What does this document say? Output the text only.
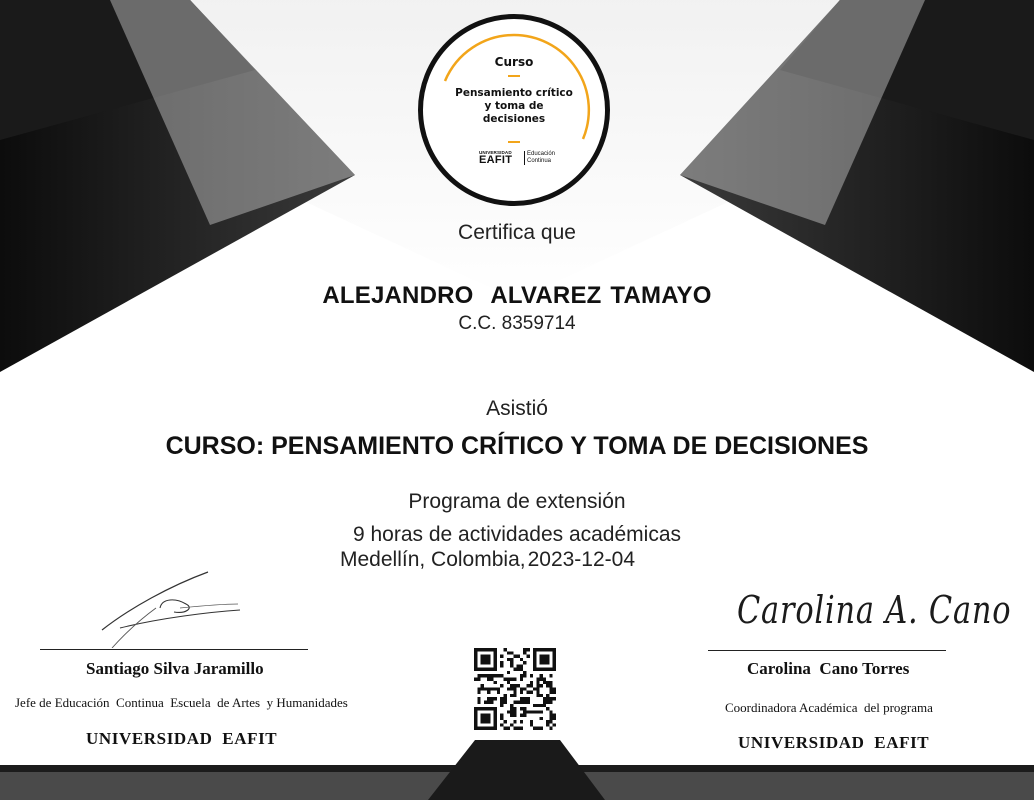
Curso
Pensamiento crítico y toma de decisiones
UNIVERSIDAD
EAFIT Educación Continua
Certifica que
ALEJANDRO  ALVAREZ TAMAYO
C.C. 8359714
Asistió
CURSO: PENSAMIENTO CRÍTICO Y TOMA DE DECISIONES
Programa de extensión
9 horas de actividades académicas
Medellín, Colombia,2023-12-04
Santiago Silva Jaramillo
Jefe de Educación  Continua  Escuela  de Artes  y Humanidades
UNIVERSIDAD  EAFIT
Carolina A. Cano
Carolina  Cano Torres
Coordinadora Académica  del programa
UNIVERSIDAD  EAFIT
